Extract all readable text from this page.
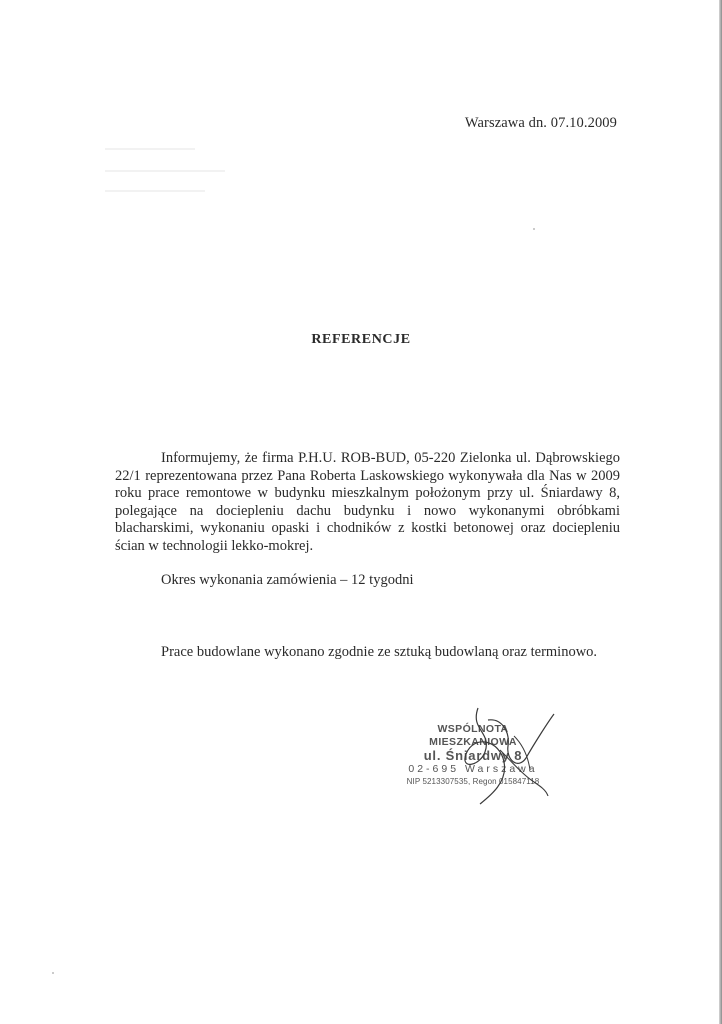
Warszawa dn. 07.10.2009
REFERENCJE
Informujemy, że firma P.H.U. ROB-BUD, 05-220 Zielonka ul. Dąbrowskiego 22/1 reprezentowana przez Pana Roberta Laskowskiego wykonywała dla Nas w 2009 roku prace remontowe w budynku mieszkalnym położonym przy ul. Śniardawy 8, polegające na dociepleniu dachu budynku i nowo wykonanymi obróbkami blacharskimi, wykonaniu opaski i chodników z kostki betonowej oraz dociepleniu ścian w technologii lekko-mokrej.
Okres wykonania zamówienia – 12 tygodni
Prace budowlane wykonano zgodnie ze sztuką budowlaną oraz terminowo.
WSPÓLNOTA MIESZKANIOWA
ul. Śniardwy 8
02-695 Warszawa
NIP 5213307535, Regon 015847118
